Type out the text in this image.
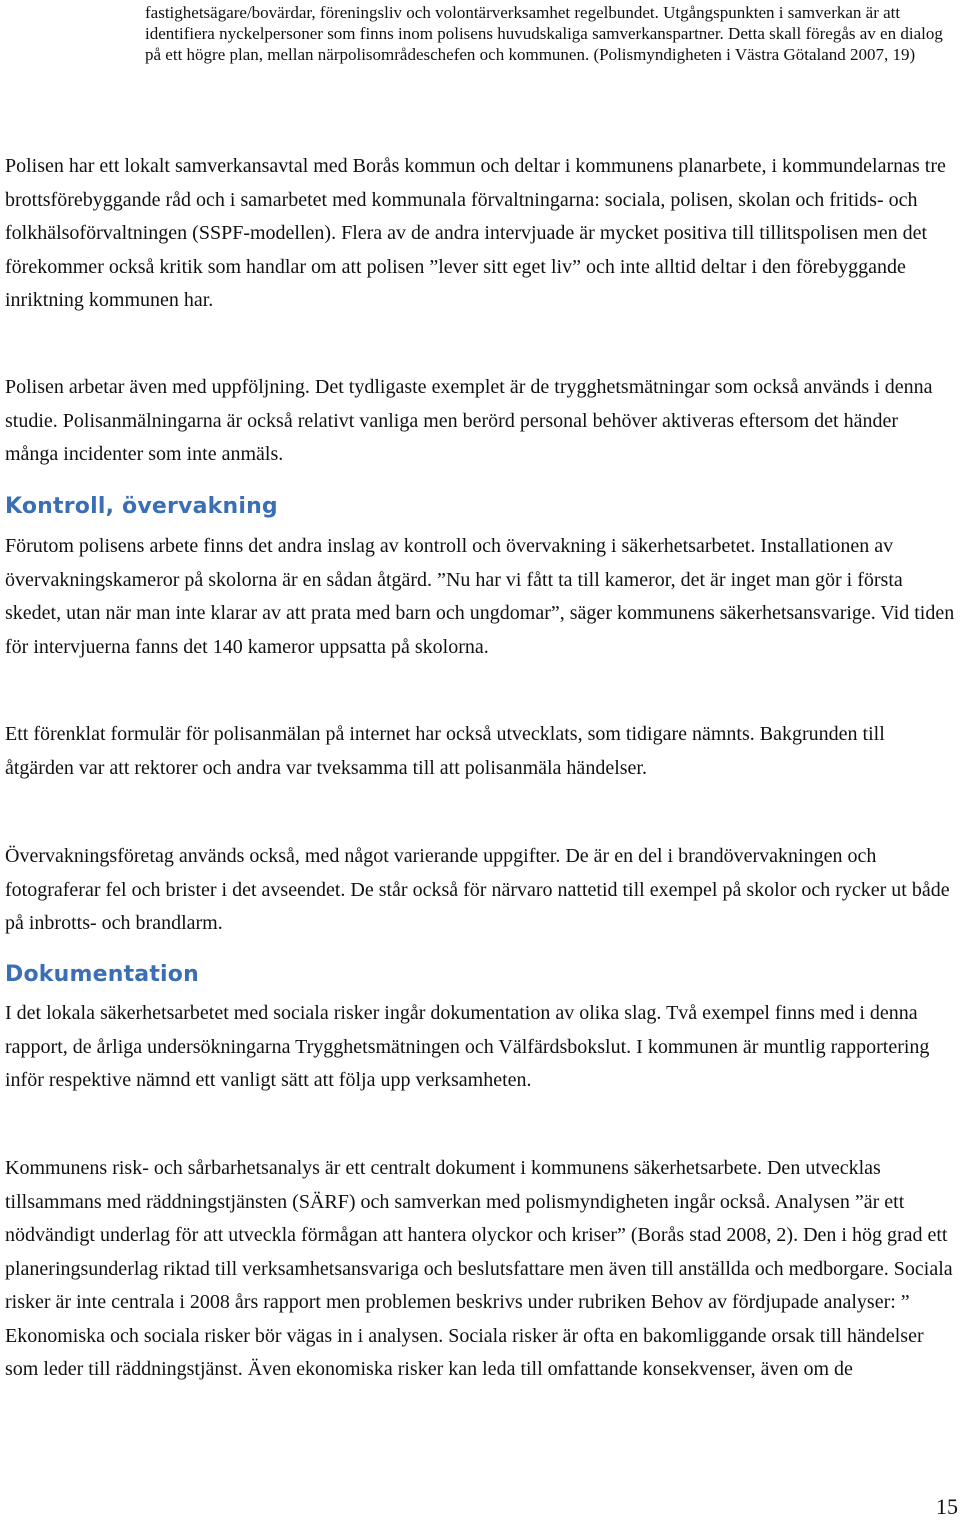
fastighetsägare/bovärdar, föreningsliv och volontärverksamhet regelbundet. Utgångspunkten i samverkan är att identifiera nyckelpersoner som finns inom polisens huvudskaliga samverkanspartner. Detta skall föregås av en dialog på ett högre plan, mellan närpolisområdeschefen och kommunen. (Polismyndigheten i Västra Götaland 2007, 19)

Polisen har ett lokalt samverkansavtal med Borås kommun och deltar i kommunens planarbete, i kommundelarnas tre brottsförebyggande råd och i samarbetet med kommunala förvaltningarna: sociala, polisen, skolan och fritids- och folkhälsoförvaltningen (SSPF-modellen). Flera av de andra intervjuade är mycket positiva till tillitspolisen men det förekommer också kritik som handlar om att polisen ”lever sitt eget liv” och inte alltid deltar i den förebyggande inriktning kommunen har.

Polisen arbetar även med uppföljning. Det tydligaste exemplet är de trygghetsmätningar som också används i denna studie. Polisanmälningarna är också relativt vanliga men berörd personal behöver aktiveras eftersom det händer många incidenter som inte anmäls.

Kontroll, övervakning

Förutom polisens arbete finns det andra inslag av kontroll och övervakning i säkerhetsarbetet. Installationen av övervakningskameror på skolorna är en sådan åtgärd. ”Nu har vi fått ta till kameror, det är inget man gör i första skedet, utan när man inte klarar av att prata med barn och ungdomar”, säger kommunens säkerhetsansvarige. Vid tiden för intervjuerna fanns det 140 kameror uppsatta på skolorna.

Ett förenklat formulär för polisanmälan på internet har också utvecklats, som tidigare nämnts. Bakgrunden till åtgärden var att rektorer och andra var tveksamma till att polisanmäla händelser.

Övervakningsföretag används också, med något varierande uppgifter. De är en del i brandövervakningen och fotograferar fel och brister i det avseendet. De står också för närvaro nattetid till exempel på skolor och rycker ut både på inbrotts- och brandlarm.

Dokumentation

I det lokala säkerhetsarbetet med sociala risker ingår dokumentation av olika slag. Två exempel finns med i denna rapport, de årliga undersökningarna Trygghetsmätningen och Välfärdsbokslut. I kommunen är muntlig rapportering inför respektive nämnd ett vanligt sätt att följa upp verksamheten.

Kommunens risk- och sårbarhetsanalys är ett centralt dokument i kommunens säkerhetsarbete. Den utvecklas tillsammans med räddningstjänsten (SÄRF) och samverkan med polismyndigheten ingår också. Analysen ”är ett nödvändigt underlag för att utveckla förmågan att hantera olyckor och kriser” (Borås stad 2008, 2). Den i hög grad ett planeringsunderlag riktad till verksamhetsansvariga och beslutsfattare men även till anställda och medborgare. Sociala risker är inte centrala i 2008 års rapport men problemen beskrivs under rubriken Behov av fördjupade analyser: ” Ekonomiska och sociala risker bör vägas in i analysen. Sociala risker är ofta en bakomliggande orsak till händelser som leder till räddningstjänst. Även ekonomiska risker kan leda till omfattande konsekvenser, även om de

15
